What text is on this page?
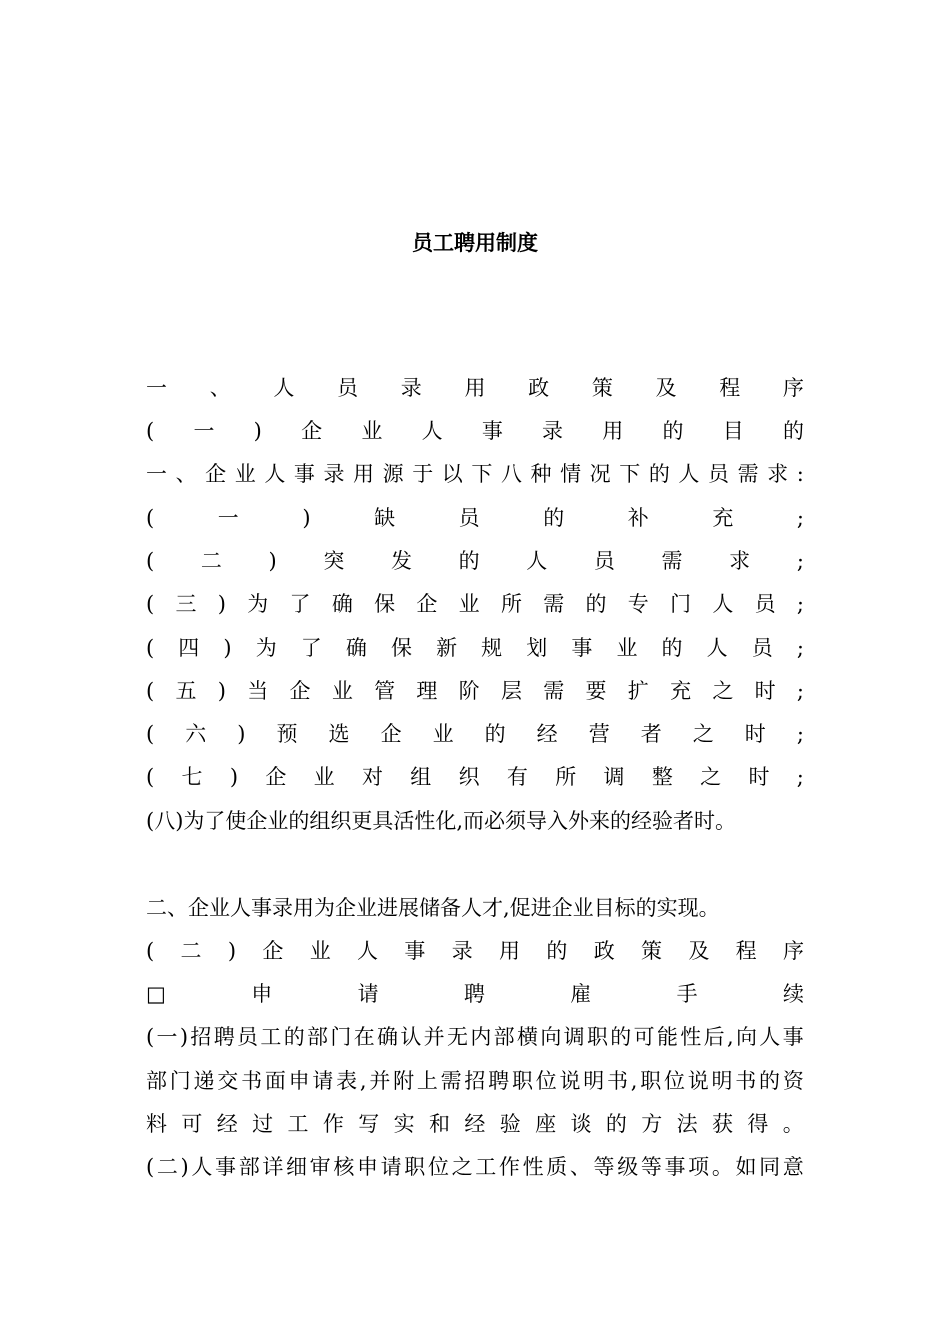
员工聘用制度
一 、 人 员 录 用 政 策 及 程 序
( 一 ) 企 业 人 事 录 用 的 目 的
一 、 企 业 人 事 录 用 源 于 以 下 八 种 情 况 下 的 人 员 需 求 :
(	一	)	缺	员	的	补	充	;
( 二 ) 突 发 的 人 员 需 求 ;
( 三 ) 为 了 确 保 企 业 所 需 的 专 门 人 员 ;
( 四 ) 为 了 确 保 新 规 划 事 业 的 人 员 ;
( 五 ) 当 企 业 管 理 阶 层 需 要 扩 充 之 时 ;
( 六 ) 预 选 企 业 的 经 营 者 之 时 ;
( 七 ) 企 业 对 组 织 有 所 调 整 之 时 ;
(八)为了使企业的组织更具活性化,而必须导入外来的经验者时。
二、企业人事录用为企业进展储备人才,促进企业目标的实现。
( 二 ) 企 业 人 事 录 用 的 政 策 及 程 序
□	申	请	聘	雇	手	续
( 一 ) 招 聘 员 工 的 部 门 在 确 认 并 无 内 部 横 向 调 职 的 可 能 性 后 , 向 人 事
部 门 递 交 书 面 申 请 表 , 并 附 上 需 招 聘 职 位 说 明 书 , 职 位 说 明 书 的 资
料 可 经 过 工 作 写 实 和 经 验 座 谈 的 方 法 获 得 。
( 二 ) 人 事 部 详 细 审 核 申 请 职 位 之 工 作 性 质 、 等 级 等 事 项 。 如 同 意
